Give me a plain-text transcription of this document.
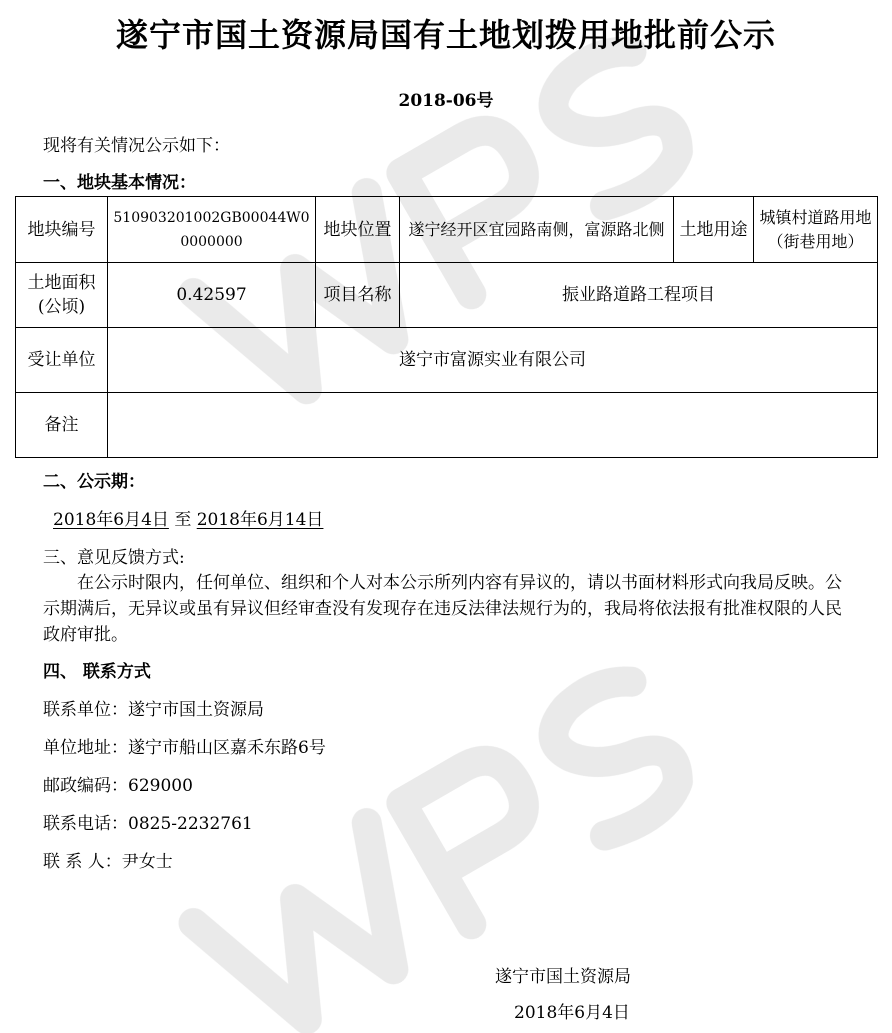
遂宁市国土资源局国有土地划拨用地批前公示
2018-06号
现将有关情况公示如下：
一、地块基本情况：
地块编号	510903201002GB00044W00000000	地块位置	遂宁经开区宜园路南侧，富源路北侧	土地用途	城镇村道路用地（街巷用地）
土地面积(公顷)	0.42597	项目名称	振业路道路工程项目		
受让单位	遂宁市富源实业有限公司				
备注					
二、公示期：
2018年6月4日 至 2018年6月14日
三、意见反馈方式:
在公示时限内，任何单位、组织和个人对本公示所列内容有异议的，请以书面材料形式向我局反映。公示期满后，无异议或虽有异议但经审查没有发现存在违反法律法规行为的，我局将依法报有批准权限的人民政府审批。
四、 联系方式
联系单位：遂宁市国土资源局
单位地址：遂宁市船山区嘉禾东路6号
邮政编码：629000
联系电话：0825-2232761
联 系 人：尹女士
遂宁市国土资源局
2018年6月4日
